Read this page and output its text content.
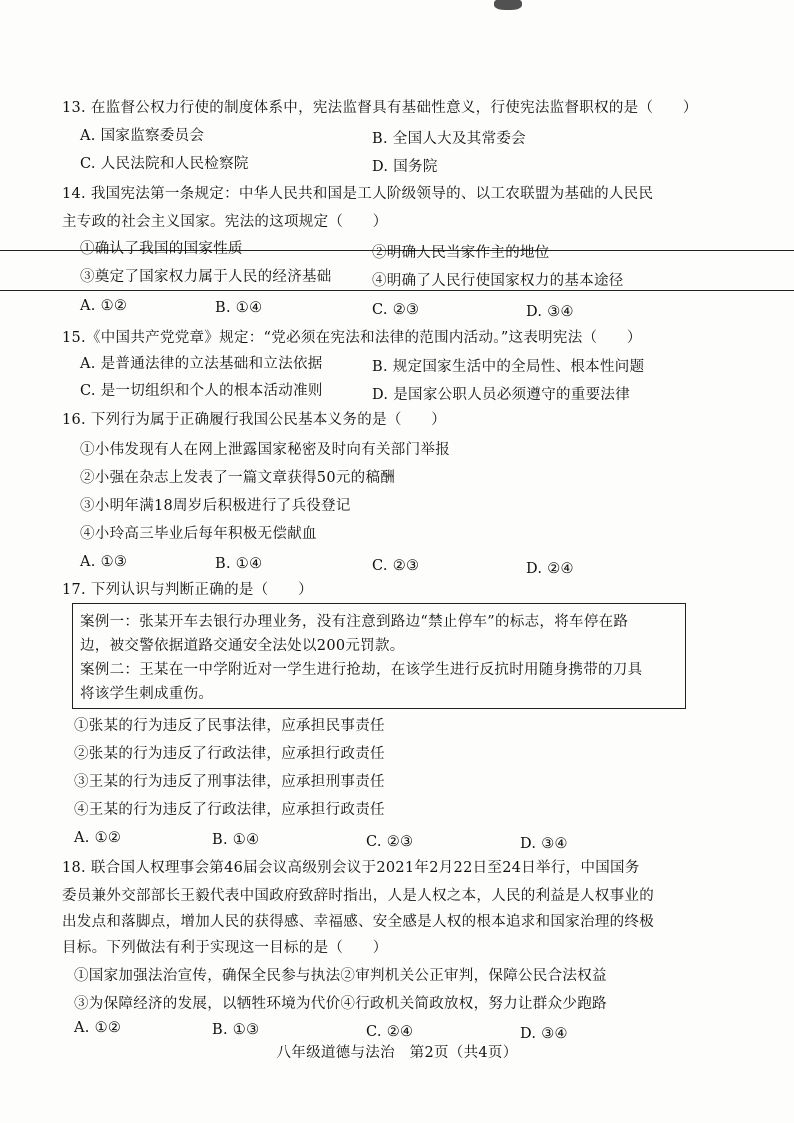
13. 在监督公权力行使的制度体系中，宪法监督具有基础性意义，行使宪法监督职权的是（　　）
A. 国家监察委员会	B. 全国人大及其常委会
C. 人民法院和人民检察院	D. 国务院
14. 我国宪法第一条规定：中华人民共和国是工人阶级领导的、以工农联盟为基础的人民民
主专政的社会主义国家。宪法的这项规定（　　）
①确认了我国的国家性质	②明确人民当家作主的地位
③奠定了国家权力属于人民的经济基础	④明确了人民行使国家权力的基本途径
A. ①②	B. ①④	C. ②③	D. ③④
15.《中国共产党党章》规定：“党必须在宪法和法律的范围内活动。”这表明宪法（　　）
A. 是普通法律的立法基础和立法依据	B. 规定国家生活中的全局性、根本性问题
C. 是一切组织和个人的根本活动准则	D. 是国家公职人员必须遵守的重要法律
16. 下列行为属于正确履行我国公民基本义务的是（　　）
①小伟发现有人在网上泄露国家秘密及时向有关部门举报
②小强在杂志上发表了一篇文章获得50元的稿酬
③小明年满18周岁后积极进行了兵役登记
④小玲高三毕业后每年积极无偿献血
A. ①③	B. ①④	C. ②③	D. ②④
17. 下列认识与判断正确的是（　　）
案例一：张某开车去银行办理业务，没有注意到路边“禁止停车”的标志，将车停在路
边，被交警依据道路交通安全法处以200元罚款。
案例二：王某在一中学附近对一学生进行抢劫，在该学生进行反抗时用随身携带的刀具
将该学生刺成重伤。
①张某的行为违反了民事法律，应承担民事责任
②张某的行为违反了行政法律，应承担行政责任
③王某的行为违反了刑事法律，应承担刑事责任
④王某的行为违反了行政法律，应承担行政责任
A. ①②	B. ①④	C. ②③	D. ③④
18. 联合国人权理事会第46届会议高级别会议于2021年2月22日至24日举行，中国国务
委员兼外交部部长王毅代表中国政府致辞时指出，人是人权之本，人民的利益是人权事业的
出发点和落脚点，增加人民的获得感、幸福感、安全感是人权的根本追求和国家治理的终极
目标。下列做法有利于实现这一目标的是（　　）
①国家加强法治宣传，确保全民参与执法②审判机关公正审判，保障公民合法权益
③为保障经济的发展，以牺牲环境为代价④行政机关简政放权，努力让群众少跑路
A. ①②	B. ①③	C. ②④	D. ③④
八年级道德与法治　第2页（共4页）
